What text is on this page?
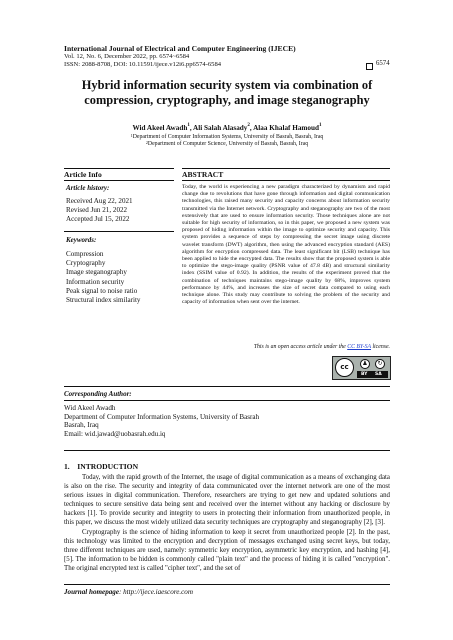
International Journal of Electrical and Computer Engineering (IJECE)
Vol. 12, No. 6, December 2022, pp. 6574~6584
ISSN: 2088-8708, DOI: 10.11591/ijece.v12i6.pp6574-6584	6574
Hybrid information security system via combination of compression, cryptography, and image steganography
Wid Akeel Awadh$^1$, Ali Salah Alasady$^2$, Alaa Khalaf Hamoud$^1$
$^1$Department of Computer Information Systems, University of Basrah, Basrah, Iraq
$^2$Department of Computer Science, University of Basrah, Basrah, Iraq
Article Info	ABSTRACT
Article history:
Received Aug 22, 2021
Revised Jun 21, 2022
Accepted Jul 15, 2022
Keywords:
Compression
Cryptography
Image steganography
Information security
Peak signal to noise ratio
Structural index similarity
Today, the world is experiencing a new paradigm characterized by dynamism and rapid change due to revolutions that have gone through information and digital communication technologies, this raised many security and capacity concerns about information security transmitted via the Internet network. Cryptography and steganography are two of the most extensively that are used to ensure information security. Those techniques alone are not suitable for high security of information, so in this paper, we proposed a new system was proposed of hiding information within the image to optimize security and capacity. This system provides a sequence of steps by compressing the secret image using discrete wavelet transform (DWT) algorithm, then using the advanced encryption standard (AES) algorithm for encryption compressed data. The least significant bit (LSB) technique has been applied to hide the encrypted data. The results show that the proposed system is able to optimize the stego-image quality (PSNR value of 47.8 dB) and structural similarity index (SSIM value of 0.92). In addition, the results of the experiment proved that the combination of techniques maintains stego-image quality by 68%, improves system performance by 44%, and increases the size of secret data compared to using each technique alone. This study may contribute to solving the problem of the security and capacity of information when sent over the internet.
This is an open access article under the CC BY-SA license.
cc	♟	↻
BY SA
Corresponding Author:
Wid Akeel Awadh
Department of Computer Information Systems, University of Basrah
Basrah, Iraq
Email: wid.jawad@uobasrah.edu.iq
1.    INTRODUCTION
Today, with the rapid growth of the Internet, the usage of digital communication as a means of exchanging data is also on the rise. The security and integrity of data communicated over the internet network are one of the most serious issues in digital communication. Therefore, researchers are trying to get new and updated solutions and techniques to secure sensitive data being sent and received over the internet without any hacking or disclosure by hackers [1]. To provide security and integrity to users in protecting their information from unauthorized people, in this paper, we discuss the most widely utilized data security techniques are cryptography and steganography [2], [3].
Cryptography is the science of hiding information to keep it secret from unauthorized people [2]. In the past, this technology was limited to the encryption and decryption of messages exchanged using secret keys, but today, three different techniques are used, namely: symmetric key encryption, asymmetric key encryption, and hashing [4], [5]. The information to be hidden is commonly called "plain text" and the process of hiding it is called "encryption". The original encrypted text is called "cipher text", and the set of
Journal homepage: http://ijece.iaescore.com
